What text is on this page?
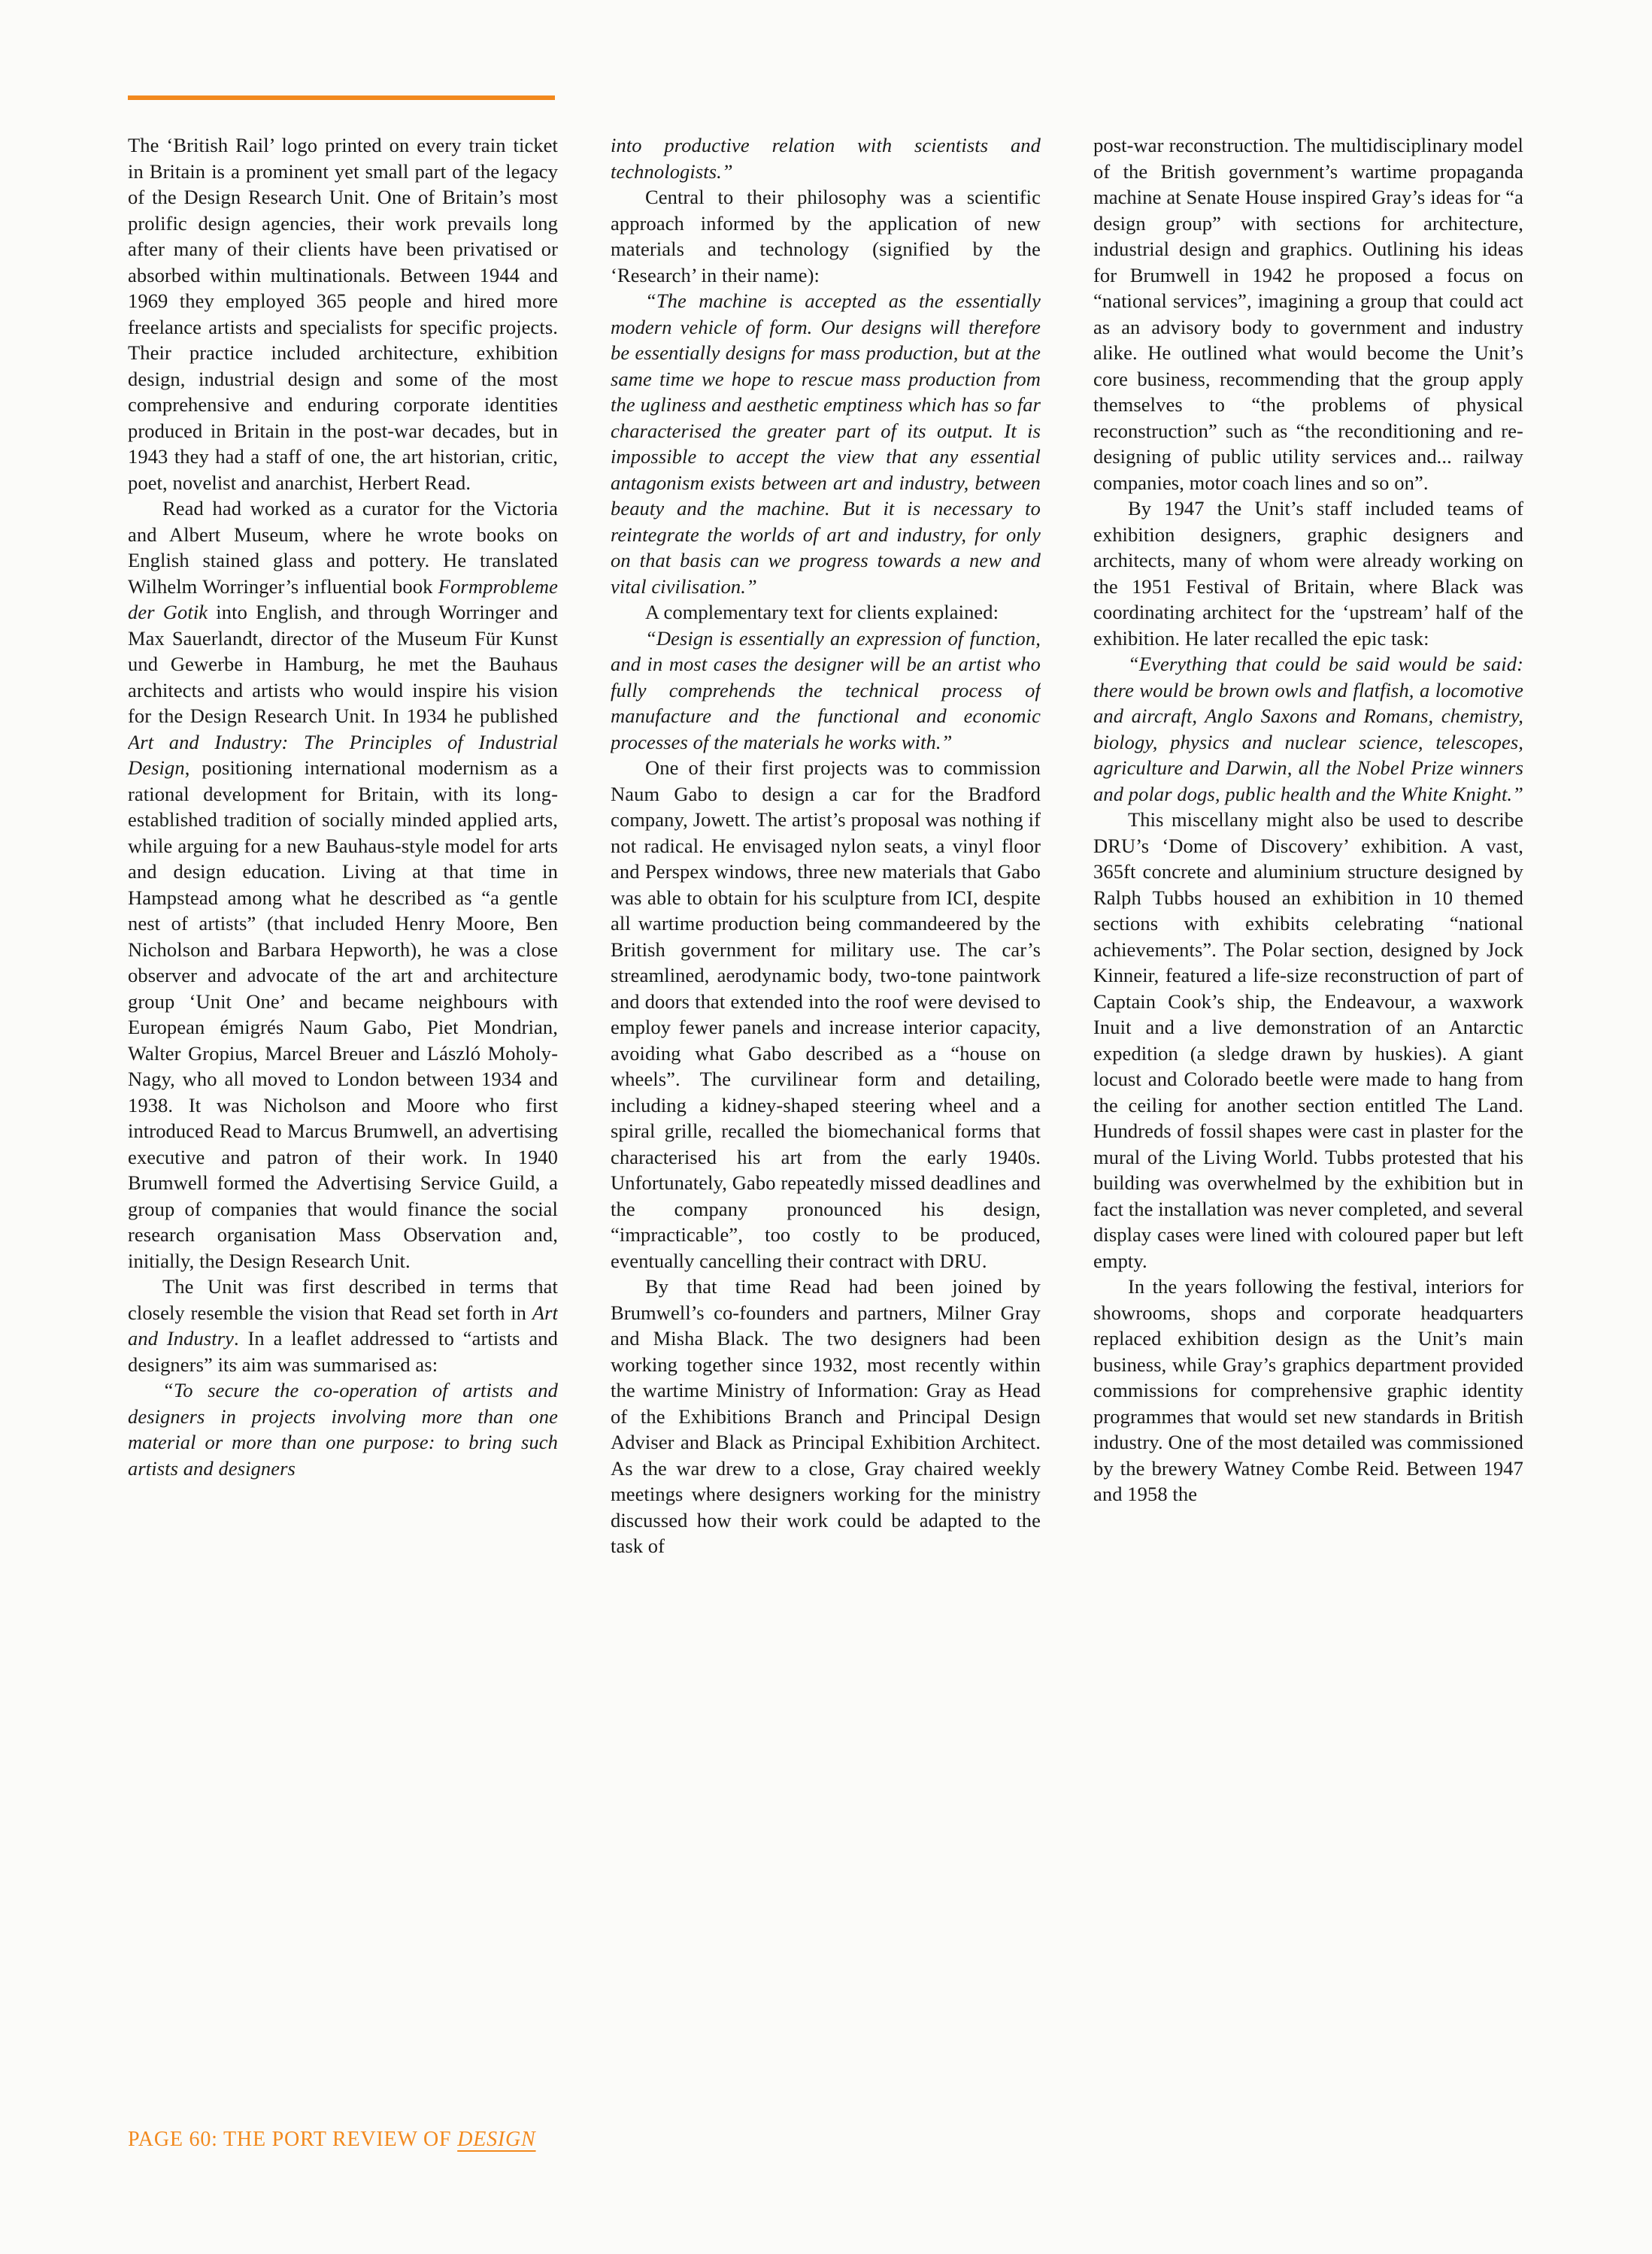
The ‘British Rail’ logo printed on every train ticket in Britain is a prominent yet small part of the legacy of the Design Research Unit. One of Britain’s most prolific design agencies, their work prevails long after many of their clients have been privatised or absorbed within multinationals. Between 1944 and 1969 they employed 365 people and hired more freelance artists and specialists for specific projects. Their practice included architecture, exhibition design, industrial design and some of the most comprehensive and enduring corporate identities produced in Britain in the post-war decades, but in 1943 they had a staff of one, the art historian, critic, poet, novelist and anarchist, Herbert Read.

Read had worked as a curator for the Victoria and Albert Museum, where he wrote books on English stained glass and pottery. He translated Wilhelm Worringer’s influential book Formprobleme der Gotik into English, and through Worringer and Max Sauerlandt, director of the Museum Für Kunst und Gewerbe in Hamburg, he met the Bauhaus architects and artists who would inspire his vision for the Design Research Unit. In 1934 he published Art and Industry: The Principles of Industrial Design, positioning international modernism as a rational development for Britain, with its long-established tradition of socially minded applied arts, while arguing for a new Bauhaus-style model for arts and design education. Living at that time in Hampstead among what he described as “a gentle nest of artists” (that included Henry Moore, Ben Nicholson and Barbara Hepworth), he was a close observer and advocate of the art and architecture group ‘Unit One’ and became neighbours with European émigrés Naum Gabo, Piet Mondrian, Walter Gropius, Marcel Breuer and László Moholy-Nagy, who all moved to London between 1934 and 1938. It was Nicholson and Moore who first introduced Read to Marcus Brumwell, an advertising executive and patron of their work. In 1940 Brumwell formed the Advertising Service Guild, a group of companies that would finance the social research organisation Mass Observation and, initially, the Design Research Unit.

The Unit was first described in terms that closely resemble the vision that Read set forth in Art and Industry. In a leaflet addressed to “artists and designers” its aim was summarised as:

“To secure the co-operation of artists and designers in projects involving more than one material or more than one purpose: to bring such artists and designers

into productive relation with scientists and technologists.”

Central to their philosophy was a scientific approach informed by the application of new materials and technology (signified by the ‘Research’ in their name):

“The machine is accepted as the essentially modern vehicle of form. Our designs will therefore be essentially designs for mass production, but at the same time we hope to rescue mass production from the ugliness and aesthetic emptiness which has so far characterised the greater part of its output. It is impossible to accept the view that any essential antagonism exists between art and industry, between beauty and the machine. But it is necessary to reintegrate the worlds of art and industry, for only on that basis can we progress towards a new and vital civilisation.”

A complementary text for clients explained:

“Design is essentially an expression of function, and in most cases the designer will be an artist who fully comprehends the technical process of manufacture and the functional and economic processes of the materials he works with.”

One of their first projects was to commission Naum Gabo to design a car for the Bradford company, Jowett. The artist’s proposal was nothing if not radical. He envisaged nylon seats, a vinyl floor and Perspex windows, three new materials that Gabo was able to obtain for his sculpture from ICI, despite all wartime production being commandeered by the British government for military use. The car’s streamlined, aerodynamic body, two-tone paintwork and doors that extended into the roof were devised to employ fewer panels and increase interior capacity, avoiding what Gabo described as a “house on wheels”. The curvilinear form and detailing, including a kidney-shaped steering wheel and a spiral grille, recalled the biomechanical forms that characterised his art from the early 1940s. Unfortunately, Gabo repeatedly missed deadlines and the company pronounced his design, “impracticable”, too costly to be produced, eventually cancelling their contract with DRU.

By that time Read had been joined by Brumwell’s co-founders and partners, Milner Gray and Misha Black. The two designers had been working together since 1932, most recently within the wartime Ministry of Information: Gray as Head of the Exhibitions Branch and Principal Design Adviser and Black as Principal Exhibition Architect. As the war drew to a close, Gray chaired weekly meetings where designers working for the ministry discussed how their work could be adapted to the task of

post-war reconstruction. The multidisciplinary model of the British government’s wartime propaganda machine at Senate House inspired Gray’s ideas for “a design group” with sections for architecture, industrial design and graphics. Outlining his ideas for Brumwell in 1942 he proposed a focus on “national services”, imagining a group that could act as an advisory body to government and industry alike. He outlined what would become the Unit’s core business, recommending that the group apply themselves to “the problems of physical reconstruction” such as “the reconditioning and re-designing of public utility services and... railway companies, motor coach lines and so on”.

By 1947 the Unit’s staff included teams of exhibition designers, graphic designers and architects, many of whom were already working on the 1951 Festival of Britain, where Black was coordinating architect for the ‘upstream’ half of the exhibition. He later recalled the epic task:

“Everything that could be said would be said: there would be brown owls and flatfish, a locomotive and aircraft, Anglo Saxons and Romans, chemistry, biology, physics and nuclear science, telescopes, agriculture and Darwin, all the Nobel Prize winners and polar dogs, public health and the White Knight.”

This miscellany might also be used to describe DRU’s ‘Dome of Discovery’ exhibition. A vast, 365ft concrete and aluminium structure designed by Ralph Tubbs housed an exhibition in 10 themed sections with exhibits celebrating “national achievements”. The Polar section, designed by Jock Kinneir, featured a life-size reconstruction of part of Captain Cook’s ship, the Endeavour, a waxwork Inuit and a live demonstration of an Antarctic expedition (a sledge drawn by huskies). A giant locust and Colorado beetle were made to hang from the ceiling for another section entitled The Land. Hundreds of fossil shapes were cast in plaster for the mural of the Living World. Tubbs protested that his building was overwhelmed by the exhibition but in fact the installation was never completed, and several display cases were lined with coloured paper but left empty.

In the years following the festival, interiors for showrooms, shops and corporate headquarters replaced exhibition design as the Unit’s main business, while Gray’s graphics department provided commissions for comprehensive graphic identity programmes that would set new standards in British industry. One of the most detailed was commissioned by the brewery Watney Combe Reid. Between 1947 and 1958 the

PAGE 60: THE PORT REVIEW OF DESIGN
